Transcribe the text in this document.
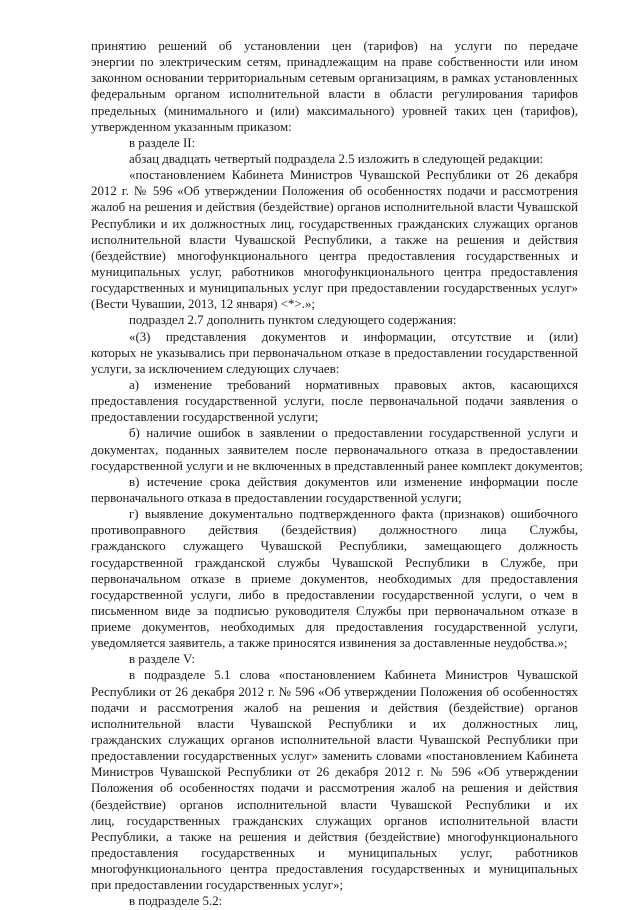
принятию решений об установлении цен (тарифов) на услуги по передаче
энергии по электрическим сетям, принадлежащим на праве собственности или ином
законном основании территориальным сетевым организациям, в рамках установленных
федеральным органом исполнительной власти в области регулирования тарифов
предельных (минимального и (или) максимального) уровней таких цен (тарифов),
утвержденном указанным приказом:
в разделе II:
абзац двадцать четвертый подраздела 2.5 изложить в следующей редакции:
«постановлением Кабинета Министров Чувашской Республики от 26 декабря
2012 г. № 596 «Об утверждении Положения об особенностях подачи и рассмотрения
жалоб на решения и действия (бездействие) органов исполнительной власти Чувашской
Республики и их должностных лиц, государственных гражданских служащих органов
исполнительной власти Чувашской Республики, а также на решения и действия
(бездействие) многофункционального центра предоставления государственных и
муниципальных услуг, работников многофункционального центра предоставления
государственных и муниципальных услуг при предоставлении государственных услуг»
(Вести Чувашии, 2013, 12 января) <*>.»;
подраздел 2.7 дополнить пунктом следующего содержания:
«(3) представления документов и информации, отсутствие и (или)
которых не указывались при первоначальном отказе в предоставлении государственной
услуги, за исключением следующих случаев:
а) изменение требований нормативных правовых актов, касающихся
предоставления государственной услуги, после первоначальной подачи заявления о
предоставлении государственной услуги;
б) наличие ошибок в заявлении о предоставлении государственной услуги и
документах, поданных заявителем после первоначального отказа в предоставлении
государственной услуги и не включенных в представленный ранее комплект документов;
в) истечение срока действия документов или изменение информации после
первоначального отказа в предоставлении государственной услуги;
г) выявление документально подтвержденного факта (признаков) ошибочного
противоправного действия (бездействия) должностного лица Службы,
гражданского служащего Чувашской Республики, замещающего должность
государственной гражданской службы Чувашской Республики в Службе, при
первоначальном отказе в приеме документов, необходимых для предоставления
государственной услуги, либо в предоставлении государственной услуги, о чем в
письменном виде за подписью руководителя Службы при первоначальном отказе в
приеме документов, необходимых для предоставления государственной услуги,
уведомляется заявитель, а также приносятся извинения за доставленные неудобства.»;
в разделе V:
в подразделе 5.1 слова «постановлением Кабинета Министров Чувашской
Республики от 26 декабря 2012 г. № 596 «Об утверждении Положения об особенностях
подачи и рассмотрения жалоб на решения и действия (бездействие) органов
исполнительной власти Чувашской Республики и их должностных лиц,
гражданских служащих органов исполнительной власти Чувашской Республики при
предоставлении государственных услуг» заменить словами «постановлением Кабинета
Министров Чувашской Республики от 26 декабря 2012 г. № 596 «Об утверждении
Положения об особенностях подачи и рассмотрения жалоб на решения и действия
(бездействие) органов исполнительной власти Чувашской Республики и их
лиц, государственных гражданских служащих органов исполнительной власти
Республики, а также на решения и действия (бездействие) многофункционального
предоставления государственных и муниципальных услуг, работников
многофункционального центра предоставления государственных и муниципальных
при предоставлении государственных услуг»;
в подразделе 5.2:
